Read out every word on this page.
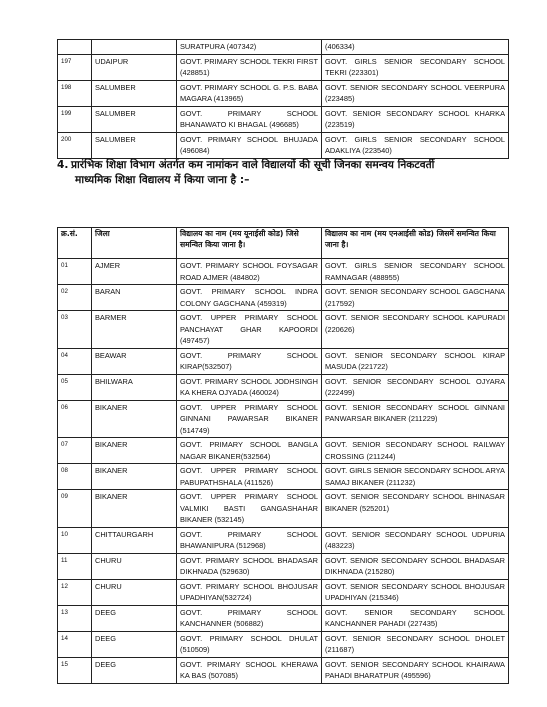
		SURATPURA (407342)	(406334)
197	UDAIPUR	GOVT. PRIMARY SCHOOL TEKRI FIRST (428851)	GOVT. GIRLS SENIOR SECONDARY SCHOOL TEKRI (223301)
198	SALUMBER	GOVT. PRIMARY SCHOOL G. P.S. BABA MAGARA (413965)	GOVT. SENIOR SECONDARY SCHOOL VEERPURA (223485)
199	SALUMBER	GOVT. PRIMARY SCHOOL BHANAWATO KI BHAGAL (496685)	GOVT. SENIOR SECONDARY SCHOOL KHARKA (223519)
200	SALUMBER	GOVT. PRIMARY SCHOOL BHUJADA (496084)	GOVT. GIRLS SENIOR SECONDARY SCHOOL ADAKLIYA (223540)
4. प्रारंभिक शिक्षा विभाग अंतर्गत कम नामांकन वाले विद्यालयों की सूची जिनका समन्वय निकटवर्ती
माध्यमिक शिक्षा विद्यालय में किया जाना है :–
क्र.सं.	जिला	विद्यालय का नाम (मय यूनाईसी कोड) जिसे समन्वित किया जाना है।	विद्यालय का नाम (मय एनआईसी कोड) जिसमें समन्वित किया जाना है।
01	AJMER	GOVT. PRIMARY SCHOOL FOYSAGAR ROAD AJMER (484802)	GOVT. GIRLS SENIOR SECONDARY SCHOOL RAMNAGAR (488955)
02	BARAN	GOVT. PRIMARY SCHOOL INDRA COLONY GAGCHANA (459319)	GOVT. SENIOR SECONDARY SCHOOL GAGCHANA (217592)
03	BARMER	GOVT. UPPER PRIMARY SCHOOL PANCHAYAT GHAR KAPOORDI (497457)	GOVT. SENIOR SECONDARY SCHOOL KAPURADI (220626)
04	BEAWAR	GOVT. PRIMARY SCHOOL KIRAP(532507)	GOVT. SENIOR SECONDARY SCHOOL KIRAP MASUDA (221722)
05	BHILWARA	GOVT. PRIMARY SCHOOL JODHSINGH KA KHERA OJYADA (460024)	GOVT. SENIOR SECONDARY SCHOOL OJYARA (222499)
06	BIKANER	GOVT. UPPER PRIMARY SCHOOL GINNANI PAWARSAR BIKANER (514749)	GOVT. SENIOR SECONDARY SCHOOL GINNANI PANWARSAR BIKANER (211229)
07	BIKANER	GOVT. PRIMARY SCHOOL BANGLA NAGAR BIKANER(532564)	GOVT. SENIOR SECONDARY SCHOOL RAILWAY CROSSING (211244)
08	BIKANER	GOVT. UPPER PRIMARY SCHOOL PABUPATHSHALA (411526)	GOVT. GIRLS SENIOR SECONDARY SCHOOL ARYA SAMAJ BIKANER (211232)
09	BIKANER	GOVT. UPPER PRIMARY SCHOOL VALMIKI BASTI GANGASHAHAR BIKANER (532145)	GOVT. SENIOR SECONDARY SCHOOL BHINASAR BIKANER (525201)
10	CHITTAURGARH	GOVT. PRIMARY SCHOOL BHAWANIPURA (512968)	GOVT. SENIOR SECONDARY SCHOOL UDPURIA (483223)
11	CHURU	GOVT. PRIMARY SCHOOL BHADASAR DIKHNADA (529630)	GOVT. SENIOR SECONDARY SCHOOL BHADASAR DIKHNADA (215280)
12	CHURU	GOVT. PRIMARY SCHOOL BHOJUSAR UPADHIYAN(532724)	GOVT. SENIOR SECONDARY SCHOOL BHOJUSAR UPADHIYAN (215346)
13	DEEG	GOVT. PRIMARY SCHOOL KANCHANNER (506882)	GOVT. SENIOR SECONDARY SCHOOL KANCHANNER PAHADI (227435)
14	DEEG	GOVT. PRIMARY SCHOOL DHULAT (510509)	GOVT. SENIOR SECONDARY SCHOOL DHOLET (211687)
15	DEEG	GOVT. PRIMARY SCHOOL KHERAWA KA BAS (507085)	GOVT. SENIOR SECONDARY SCHOOL KHAIRAWA PAHADI BHARATPUR (495596)
